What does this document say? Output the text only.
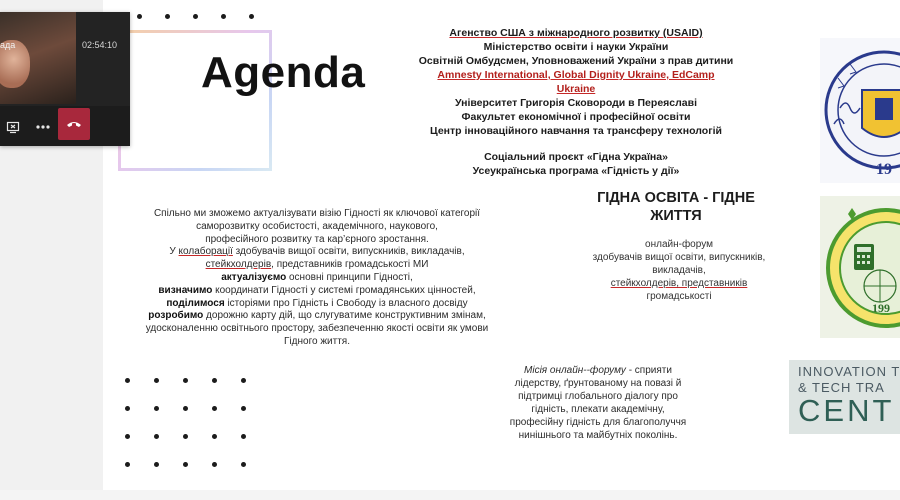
Agenda
Агенство США з міжнародного розвитку (USAID)
Міністерство освіти і науки України
Освітній Омбудсмен, Уповноважений України з прав дитини
Amnesty International, Global Dignity Ukraine, EdCamp Ukraine
Університет Григорія Сковороди в Переяславі
Факультет економічної і професійної освіти
Центр інноваційного навчання та трансферу технологій
Соціальний проєкт «Гідна Україна»
Усеукраїнська програма «Гідність у дії»
ГІДНА ОСВІТА - ГІДНЕ ЖИТТЯ
онлайн-форум
здобувачів вищої освіти, випускників,
викладачів,
стейкхолдерів, представників
громадськості
Спільно ми зможемо актуалізувати візію Гідності як ключової категорії
саморозвитку особистості, академічного, наукового,
професійного розвитку та кар’єрного зростання.
У колаборації здобувачів вищої освіти, випускників, викладачів,
стейкхолдерів, представників громадськості МИ
актуалізуємо основні принципи Гідності,
визначимо координати Гідності у системі громадянських цінностей,
поділимося історіями про Гідність і Свободу із власного досвіду
розробимо дорожню карту дій, що слугуватиме конструктивним змінам,
удосконаленню освітнього простору, забезпеченню якості освіти як умови
Гідного життя.
Місія онлайн--форуму - сприяти
лідерству, ґрунтованому на повазі й
підтримці глобального діалогу про
гідність, плекати академічну,
професійну гідність для благополуччя
нинішнього та майбутніх поколінь.
19
199
INNOVATION T
& TECH TRA
CENT
ада	02:54:10
